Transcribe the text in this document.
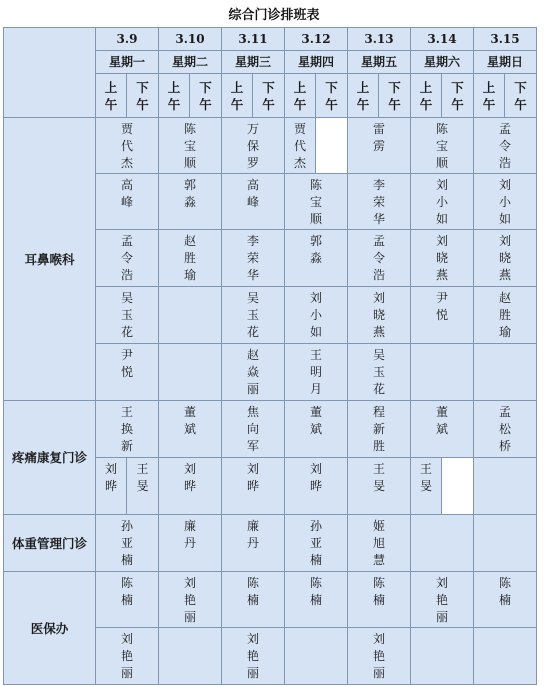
综合门诊排班表
	3.9		3.10		3.11		3.12		3.13		3.14		3.15	
	星期一		星期二		星期三		星期四		星期五		星期六		星期日	
	上午	下午	上午	下午	上午	下午	上午	下午	上午	下午	上午	下午	上午	下午
耳鼻喉科	贾代杰		陈宝顺		万保罗		贾代杰		雷雳		陈宝顺		孟令浩	
	高峰		郭淼		高峰		陈宝顺		李荣华		刘小如		刘小如	
	孟令浩		赵胜瑜		李荣华		郭淼		孟令浩		刘晓燕		刘晓燕	
	吴玉花				吴玉花		刘小如		刘晓燕		尹悦		赵胜瑜	
	尹悦				赵焱丽		王明月		吴玉花					
疼痛康复门诊	王换新		董斌		焦向军		董斌		程新胜		董斌		孟松桥	
	刘晔	王旻	刘晔		刘晔		刘晔		王旻		王旻			
体重管理门诊	孙亚楠		廉丹		廉丹		孙亚楠		姬旭慧					
医保办	陈楠		刘艳丽		陈楠		陈楠		陈楠		刘艳丽		陈楠	
	刘艳丽				刘艳丽				刘艳丽					
